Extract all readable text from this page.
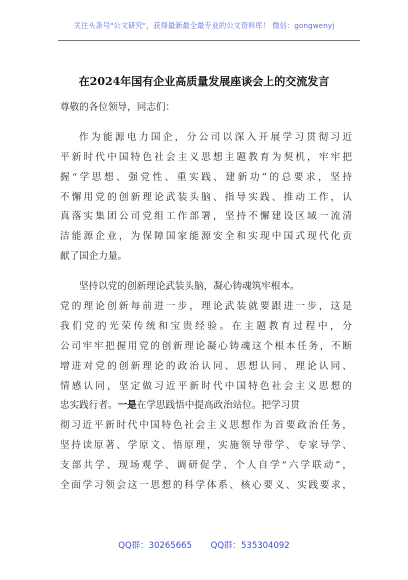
关注头条号"公文研究"，获得最新最全最专业的公文资料库！ 微信：gongwenyj
在2024年国有企业高质量发展座谈会上的交流发言
尊敬的各位领导，同志们：
作为能源电力国企，分公司以深入开展学习贯彻习近
平新时代中国特色社会主义思想主题教育为契机，牢牢把
握“学思想、强党性、重实践、建新功”的总要求，坚持
不懈用党的创新理论武装头脑、指导实践、推动工作，认
真落实集团公司党组工作部署，坚持不懈建设区域一流清
洁能源企业，为保障国家能源安全和实现中国式现代化贡
献了国企力量。
坚持以党的创新理论武装头脑，凝心铸魂筑牢根本。
党的理论创新每前进一步，理论武装就要跟进一步，这是
我们党的光荣传统和宝贵经验。在主题教育过程中，分
公司牢牢把握用党的创新理论凝心铸魂这个根本任务，不断
增进对党的创新理论的政治认同、思想认同、理论认同、
情感认同，坚定做习近平新时代中国特色社会主义思想的
忠实践行者。一是在学思践悟中提高政治站位。把学习贯
彻习近平新时代中国特色社会主义思想作为首要政治任务，
坚持读原著、学原文、悟原理，实施领导带学、专家导学、
支部共学、现场观学、调研促学、个人自学“六学联动”，
全面学习领会这一思想的科学体系、核心要义、实践要求，
QQ群：30265665 QQ群：535304092
